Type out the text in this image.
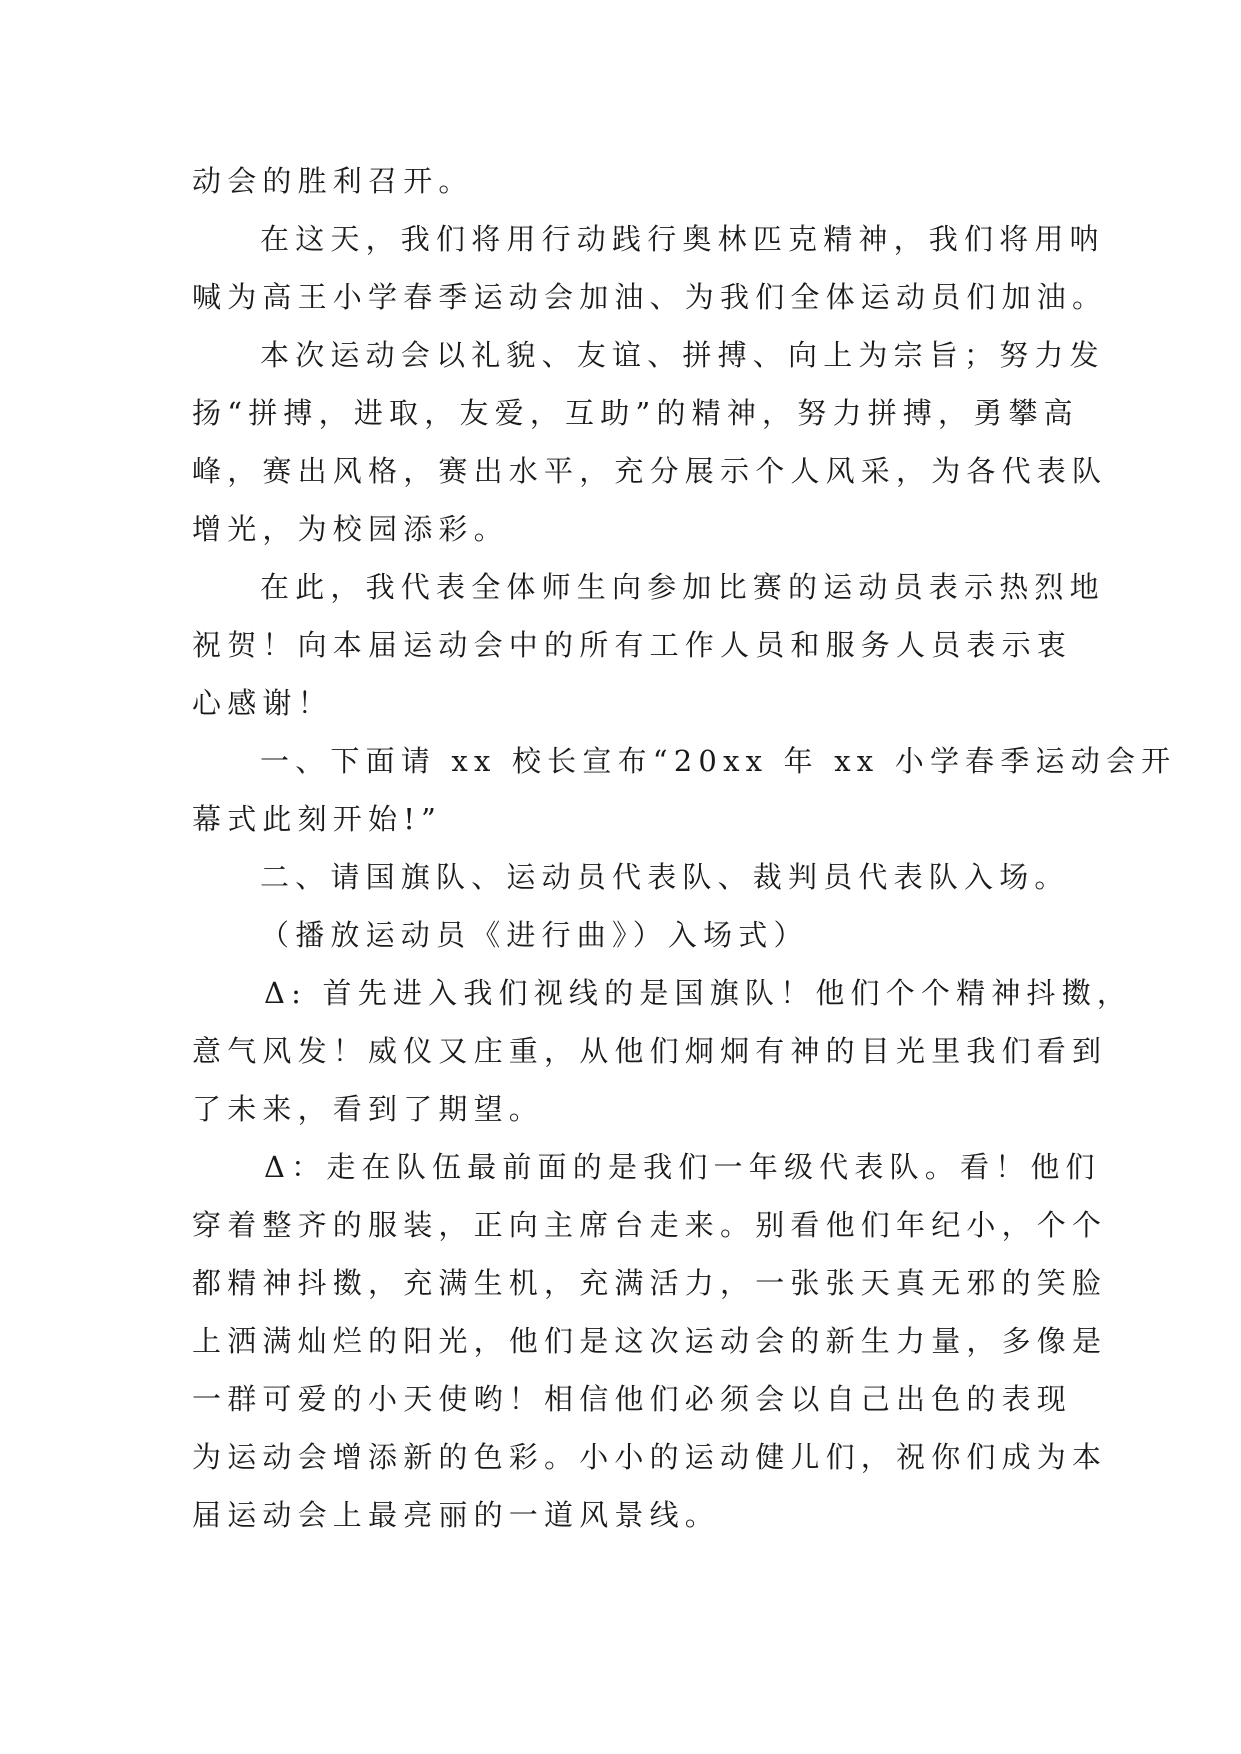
动会的胜利召开。
在这天，我们将用行动践行奥林匹克精神，我们将用呐
喊为高王小学春季运动会加油、为我们全体运动员们加油。
本次运动会以礼貌、友谊、拼搏、向上为宗旨；努力发
扬“拼搏，进取，友爱，互助”的精神，努力拼搏，勇攀高
峰，赛出风格，赛出水平，充分展示个人风采，为各代表队
增光，为校园添彩。
在此，我代表全体师生向参加比赛的运动员表示热烈地
祝贺！向本届运动会中的所有工作人员和服务人员表示衷
心感谢！
一、下面请 xx 校长宣布“20xx 年 xx 小学春季运动会开
幕式此刻开始!”
二、请国旗队、运动员代表队、裁判员代表队入场。
（播放运动员《进行曲》）入场式）
Δ: 首先进入我们视线的是国旗队！他们个个精神抖擞，
意气风发！威仪又庄重，从他们炯炯有神的目光里我们看到
了未来，看到了期望。
Δ：走在队伍最前面的是我们一年级代表队。看！他们
穿着整齐的服装，正向主席台走来。别看他们年纪小，个个
都精神抖擞，充满生机，充满活力，一张张天真无邪的笑脸
上洒满灿烂的阳光，他们是这次运动会的新生力量，多像是
一群可爱的小天使哟！相信他们必须会以自己出色的表现
为运动会增添新的色彩。小小的运动健儿们，祝你们成为本
届运动会上最亮丽的一道风景线。
